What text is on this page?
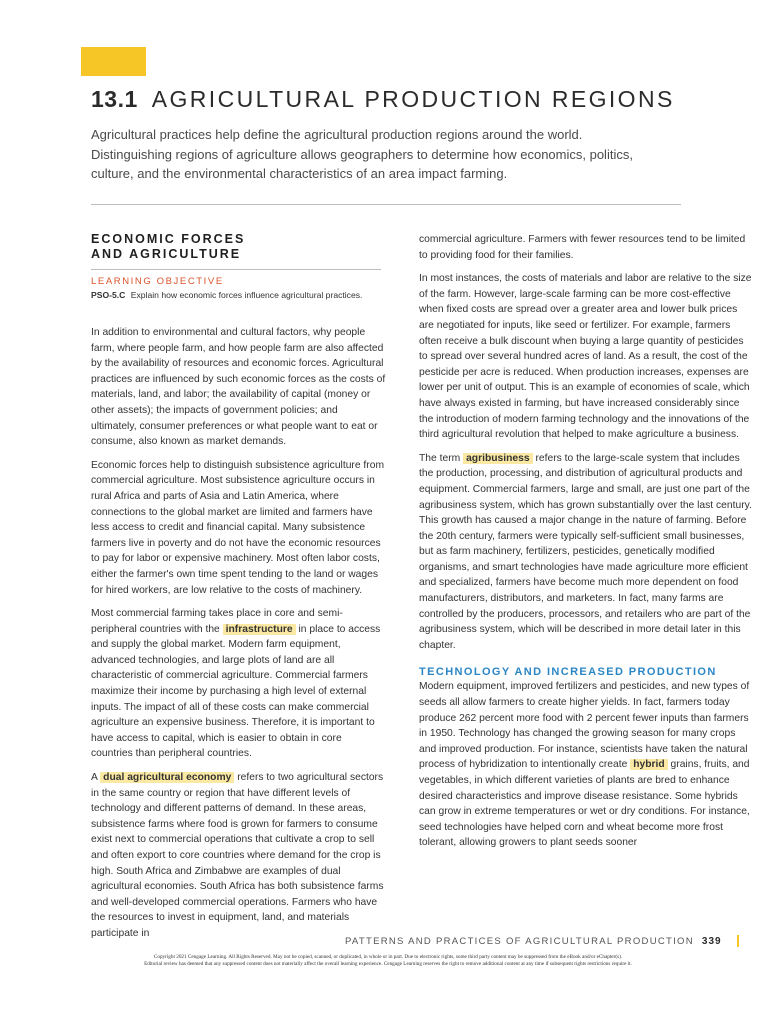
13.1 AGRICULTURAL PRODUCTION REGIONS
Agricultural practices help define the agricultural production regions around the world. Distinguishing regions of agriculture allows geographers to determine how economics, politics, culture, and the environmental characteristics of an area impact farming.
ECONOMIC FORCES
AND AGRICULTURE
LEARNING OBJECTIVE
PSO-5.C Explain how economic forces influence agricultural practices.

In addition to environmental and cultural factors, why people farm, where people farm, and how people farm are also affected by the availability of resources and economic forces. Agricultural practices are influenced by such economic forces as the costs of materials, land, and labor; the availability of capital (money or other assets); the impacts of government policies; and ultimately, consumer preferences or what people want to eat or consume, also known as market demands.

Economic forces help to distinguish subsistence agriculture from commercial agriculture. Most subsistence agriculture occurs in rural Africa and parts of Asia and Latin America, where connections to the global market are limited and farmers have less access to credit and financial capital. Many subsistence farmers live in poverty and do not have the economic resources to pay for labor or expensive machinery. Most often labor costs, either the farmer's own time spent tending to the land or wages for hired workers, are low relative to the costs of machinery.

Most commercial farming takes place in core and semi-peripheral countries with the infrastructure in place to access and supply the global market. Modern farm equipment, advanced technologies, and large plots of land are all characteristic of commercial agriculture. Commercial farmers maximize their income by purchasing a high level of external inputs. The impact of all of these costs can make commercial agriculture an expensive business. Therefore, it is important to have access to capital, which is easier to obtain in core countries than peripheral countries.

A dual agricultural economy refers to two agricultural sectors in the same country or region that have different levels of technology and different patterns of demand. In these areas, subsistence farms where food is grown for farmers to consume exist next to commercial operations that cultivate a crop to sell and often export to core countries where demand for the crop is high. South Africa and Zimbabwe are examples of dual agricultural economies. South Africa has both subsistence farms and well-developed commercial operations. Farmers who have the resources to invest in equipment, land, and materials participate in

commercial agriculture. Farmers with fewer resources tend to be limited to providing food for their families.

In most instances, the costs of materials and labor are relative to the size of the farm. However, large-scale farming can be more cost-effective when fixed costs are spread over a greater area and lower bulk prices are negotiated for inputs, like seed or fertilizer. For example, farmers often receive a bulk discount when buying a large quantity of pesticides to spread over several hundred acres of land. As a result, the cost of the pesticide per acre is reduced. When production increases, expenses are lower per unit of output. This is an example of economies of scale, which have always existed in farming, but have increased considerably since the introduction of modern farming technology and the innovations of the third agricultural revolution that helped to make agriculture a business.

The term agribusiness refers to the large-scale system that includes the production, processing, and distribution of agricultural products and equipment. Commercial farmers, large and small, are just one part of the agribusiness system, which has grown substantially over the last century. This growth has caused a major change in the nature of farming. Before the 20th century, farmers were typically self-sufficient small businesses, but as farm machinery, fertilizers, pesticides, genetically modified organisms, and smart technologies have made agriculture more efficient and specialized, farmers have become much more dependent on food manufacturers, distributors, and marketers. In fact, many farms are controlled by the producers, processors, and retailers who are part of the agribusiness system, which will be described in more detail later in this chapter.

TECHNOLOGY AND INCREASED PRODUCTION

Modern equipment, improved fertilizers and pesticides, and new types of seeds all allow farmers to create higher yields. In fact, farmers today produce 262 percent more food with 2 percent fewer inputs than farmers in 1950. Technology has changed the growing season for many crops and improved production. For instance, scientists have taken the natural process of hybridization to intentionally create hybrid grains, fruits, and vegetables, in which different varieties of plants are bred to enhance desired characteristics and improve disease resistance. Some hybrids can grow in extreme temperatures or wet or dry conditions. For instance, seed technologies have helped corn and wheat become more frost tolerant, allowing growers to plant seeds sooner

PATTERNS AND PRACTICES OF AGRICULTURAL PRODUCTION 339
Copyright 2021 Cengage Learning. All Rights Reserved. May not be copied, scanned, or duplicated, in whole or in part. Due to electronic rights, some third party content may be suppressed from the eBook and/or eChapter(s).
Editorial review has deemed that any suppressed content does not materially affect the overall learning experience. Cengage Learning reserves the right to remove additional content at any time if subsequent rights restrictions require it.
